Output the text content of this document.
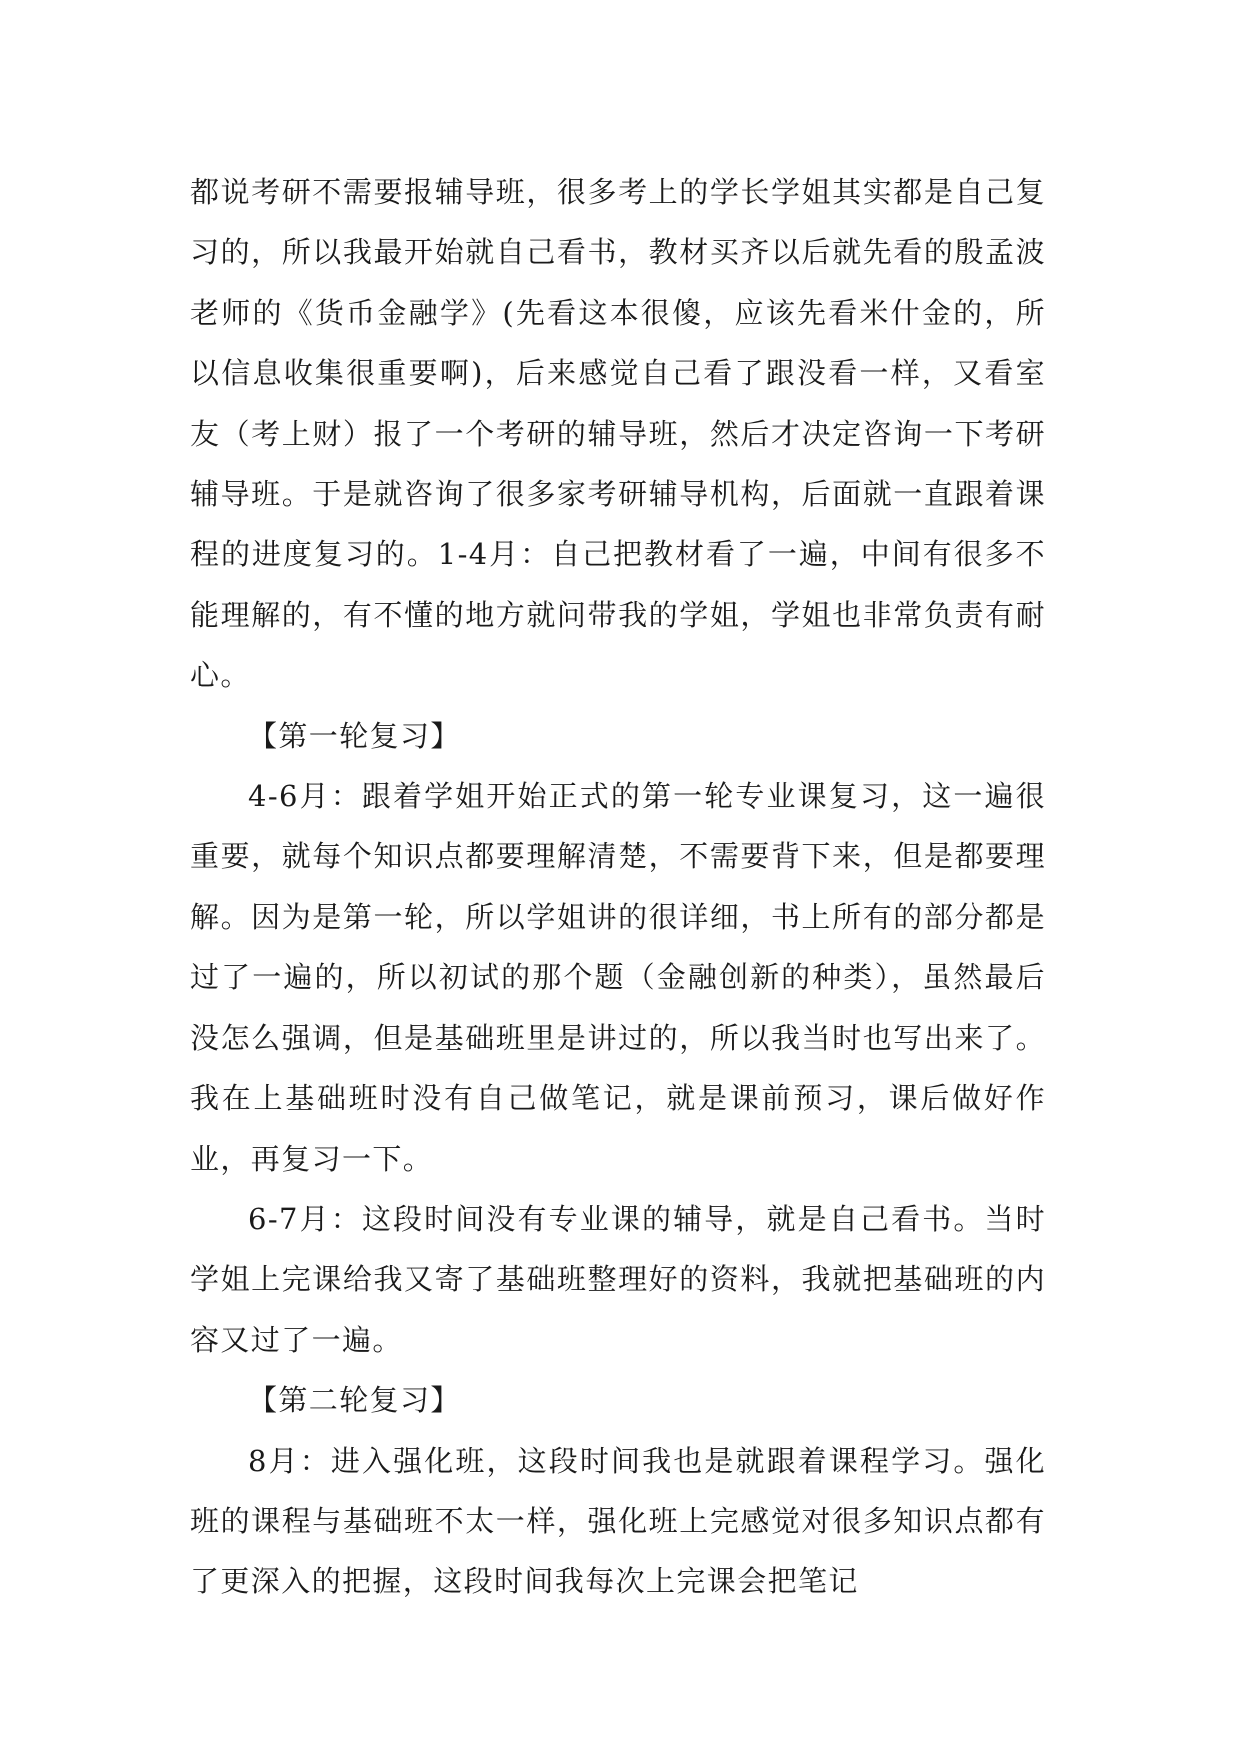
都说考研不需要报辅导班，很多考上的学长学姐其实都是自己复习的，所以我最开始就自己看书，教材买齐以后就先看的殷孟波老师的《货币金融学》(先看这本很傻，应该先看米什金的，所以信息收集很重要啊)，后来感觉自己看了跟没看一样，又看室友（考上财）报了一个考研的辅导班，然后才决定咨询一下考研辅导班。于是就咨询了很多家考研辅导机构，后面就一直跟着课程的进度复习的。1-4月：自己把教材看了一遍，中间有很多不能理解的，有不懂的地方就问带我的学姐，学姐也非常负责有耐心。

【第一轮复习】

4-6月：跟着学姐开始正式的第一轮专业课复习，这一遍很重要，就每个知识点都要理解清楚，不需要背下来，但是都要理解。因为是第一轮，所以学姐讲的很详细，书上所有的部分都是过了一遍的，所以初试的那个题（金融创新的种类），虽然最后没怎么强调，但是基础班里是讲过的，所以我当时也写出来了。我在上基础班时没有自己做笔记，就是课前预习，课后做好作业，再复习一下。

6-7月：这段时间没有专业课的辅导，就是自己看书。当时学姐上完课给我又寄了基础班整理好的资料，我就把基础班的内容又过了一遍。

【第二轮复习】

8月：进入强化班，这段时间我也是就跟着课程学习。强化班的课程与基础班不太一样，强化班上完感觉对很多知识点都有了更深入的把握，这段时间我每次上完课会把笔记
